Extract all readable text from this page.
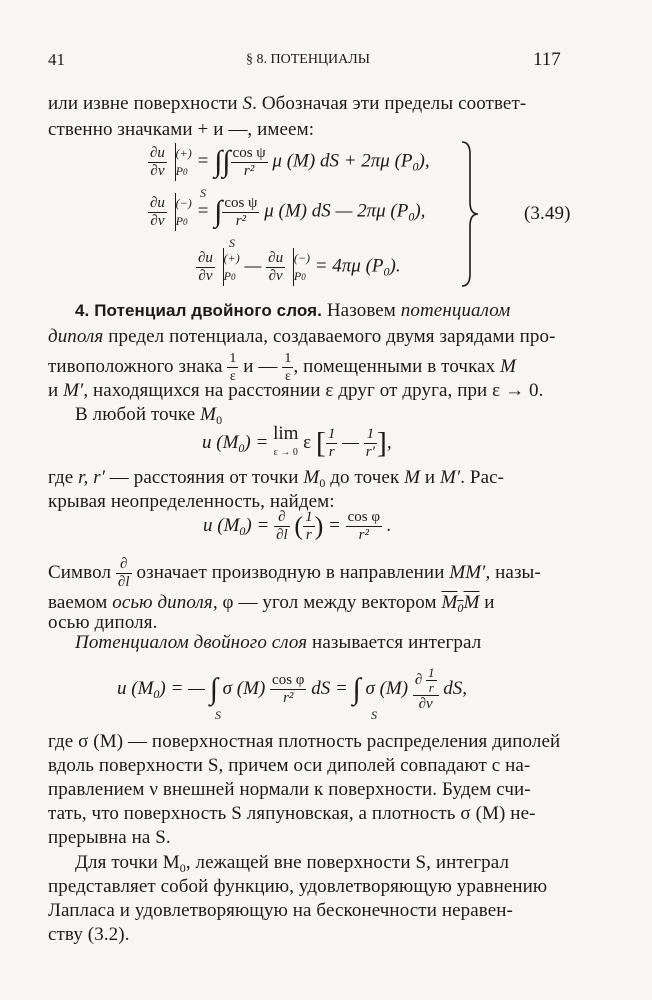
41	§ 8. ПОТЕНЦИАЛЫ	117
или извне поверхности S. Обозначая эти пределы соответ-
ственно значками + и —, имеем:
$\frac{\partial u}{\partial\nu}$ (+)
P0 = ∫∫ $\frac{\text{cos ψ}}{\text{r²}}$ μ (M) dS + 2πμ $(P_0)$,
S
$\frac{\partial u}{\partial\nu}$ (−)
P0 = ∫ $\frac{\text{cos ψ}}{\text{r²}}$ μ (M) dS — 2πμ $(P_0)$,
S
$\frac{\partial u}{\partial\nu}$ (+)
P0 — $\frac{\partial u}{\partial\nu}$ (−)
P0 = 4πμ $(P_0)$.
(3.49)
4. Потенциал двойного слоя. Назовем потенциалом
диполя предел потенциала, создаваемого двумя зарядами про-
тивоположного знака $\frac{1}{\varepsilon}$ и — $\frac{1}{\varepsilon}$ , помещенными в точках M
и M′, находящихся на расстоянии ε друг от друга, при ε → 0.
В любой точке $M_0$
u $(M_0) = \lim$
ε → 0 ε [ $\frac{1}{r}$ — $\frac{1}{r'}$ ],
где r, r′ — расстояния от точки $M_0$ до точек M и M′. Рас-
крывая неопределенность, найдем:
u $(M_0) = \frac{\partial}{\partial l}$ ( $\frac{1}{r}$ ) = $\frac{\text{cos φ}}{\text{r²}}$ .
Символ $\frac{\partial}{\partial l}$ означает производную в направлении MM′, назы-
ваемом осью диполя, φ — угол между вектором $\overline{M}_0\overline{M}$ и
осью диполя.
Потенциалом двойного слоя называется интеграл
u $(M_0)$ = — ∫ σ $(M) \frac{\text{cos φ}}{\text{r²}}$ dS = ∫ σ $(M) \frac{\partial \frac{1}{r}}{\partial\nu}$ dS,
S	S
где σ (M) — поверхностная плотность распределения диполей
вдоль поверхности S, причем оси диполей совпадают с на-
правлением ν внешней нормали к поверхности. Будем счи-
тать, что поверхность S ляпуновская, а плотность σ (M) не-
прерывна на S.
Для точки $M_0$, лежащей вне поверхности S, интеграл
представляет собой функцию, удовлетворяющую уравнению
Лапласа и удовлетворяющую на бесконечности неравен-
ству (3.2).
